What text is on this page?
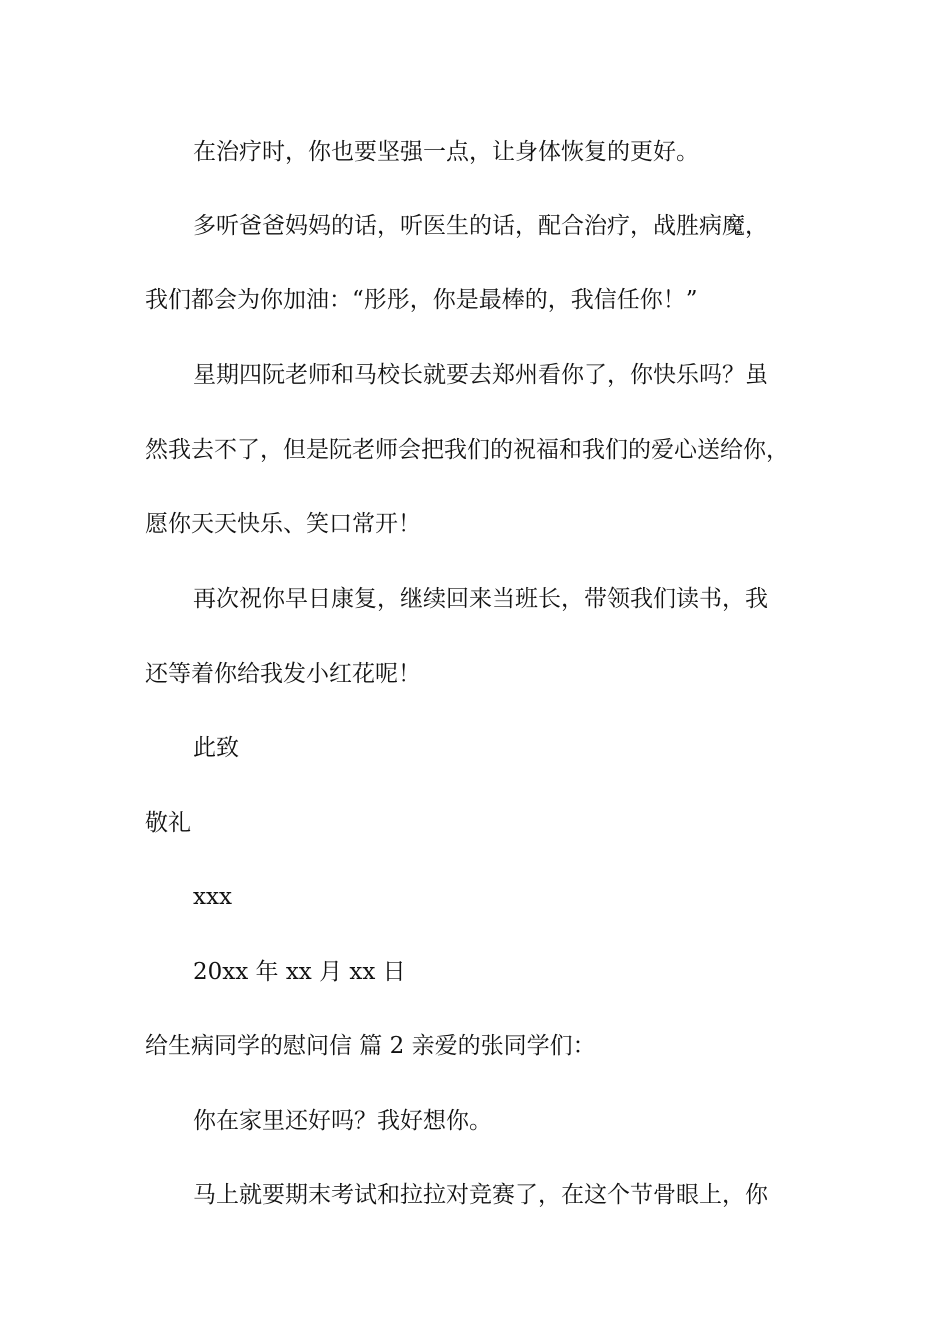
在治疗时，你也要坚强一点，让身体恢复的更好。
多听爸爸妈妈的话，听医生的话，配合治疗，战胜病魔，
我们都会为你加油：“彤彤，你是最棒的，我信任你！”
星期四阮老师和马校长就要去郑州看你了，你快乐吗？虽
然我去不了，但是阮老师会把我们的祝福和我们的爱心送给你，
愿你天天快乐、笑口常开！
再次祝你早日康复，继续回来当班长，带领我们读书，我
还等着你给我发小红花呢！
此致
敬礼
xxx
20xx 年 xx 月 xx 日
给生病同学的慰问信 篇 2 亲爱的张同学们：
你在家里还好吗？我好想你。
马上就要期末考试和拉拉对竞赛了，在这个节骨眼上，你
